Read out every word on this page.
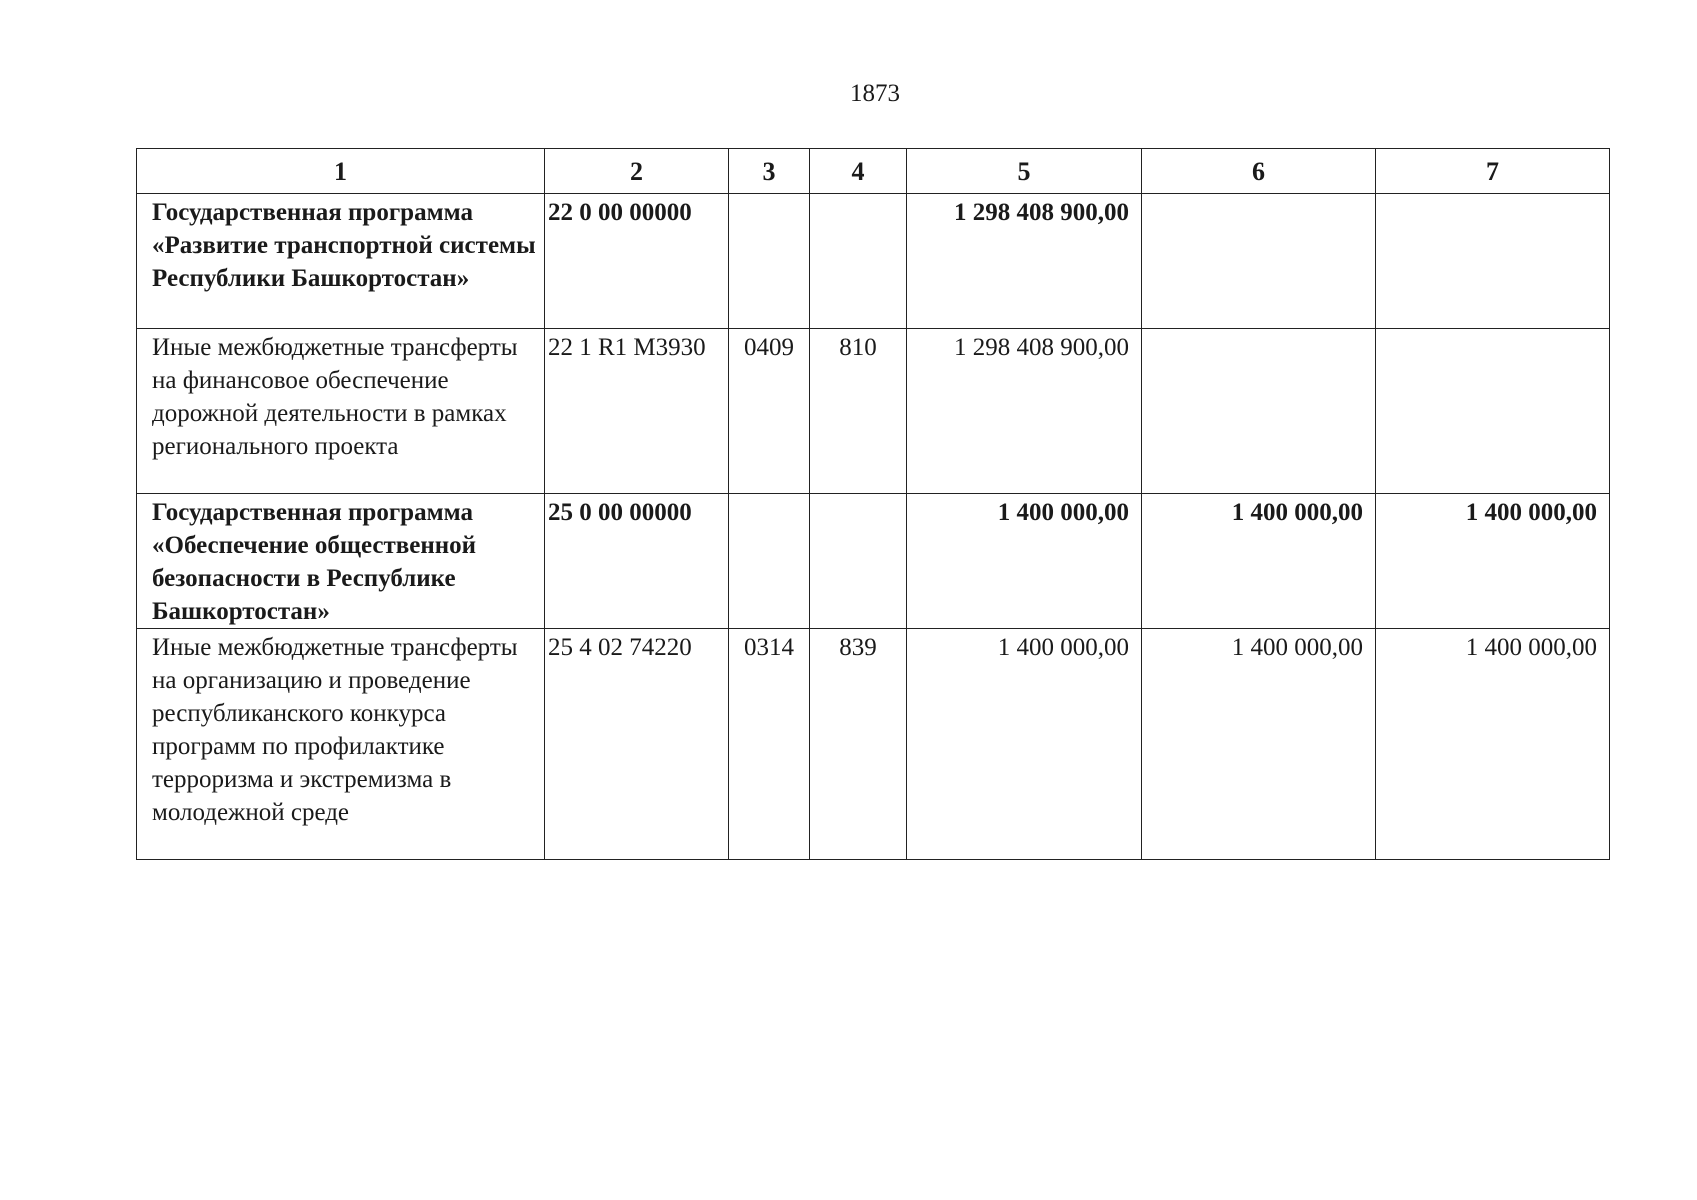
1873
1	2	3	4	5	6	7
Государственная программа «Развитие транспортной системы Республики Башкортостан»	22 0 00 00000			1 298 408 900,00		
Иные межбюджетные трансферты на финансовое обеспечение дорожной деятельности в рамках регионального проекта	22 1 R1 M3930	0409	810	1 298 408 900,00		
Государственная программа «Обеспечение общественной безопасности в Республике Башкортостан»	25 0 00 00000			1 400 000,00	1 400 000,00	1 400 000,00
Иные межбюджетные трансферты на организацию и проведение республиканского конкурса программ по профилактике терроризма и экстремизма в молодежной среде	25 4 02 74220	0314	839	1 400 000,00	1 400 000,00	1 400 000,00
